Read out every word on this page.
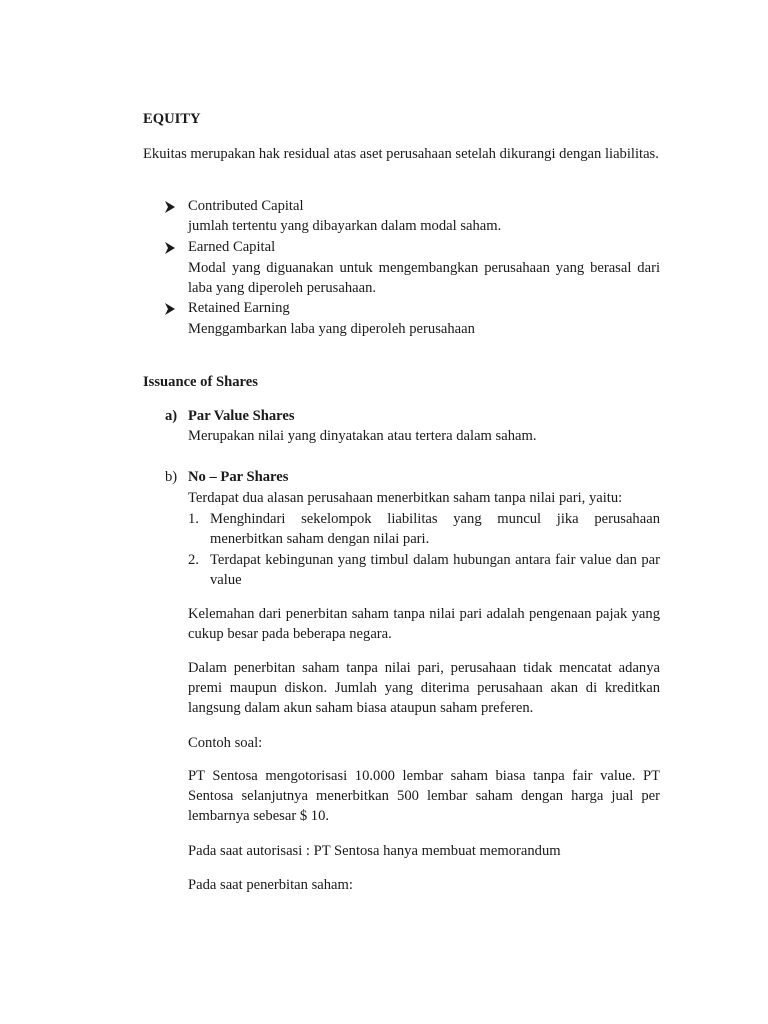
EQUITY

Ekuitas merupakan hak residual atas aset perusahaan setelah dikurangi dengan liabilitas.

Contributed Capital

jumlah tertentu yang dibayarkan dalam modal saham.

Earned Capital

Modal yang diguanakan untuk mengembangkan perusahaan yang berasal dari laba yang diperoleh perusahaan.

Retained Earning

Menggambarkan laba yang diperoleh perusahaan

Issuance of Shares

a) Par Value Shares

Merupakan nilai yang dinyatakan atau tertera dalam saham.

b) No – Par Shares

Terdapat dua alasan perusahaan menerbitkan saham tanpa nilai pari, yaitu:

1. Menghindari sekelompok liabilitas yang muncul jika perusahaan menerbitkan saham dengan nilai pari.

2. Terdapat kebingunan yang timbul dalam hubungan antara fair value dan par value

Kelemahan dari penerbitan saham tanpa nilai pari adalah pengenaan pajak yang cukup besar pada beberapa negara.

Dalam penerbitan saham tanpa nilai pari, perusahaan tidak mencatat adanya premi maupun diskon. Jumlah yang diterima perusahaan akan di kreditkan langsung dalam akun saham biasa ataupun saham preferen.

Contoh soal:

PT Sentosa mengotorisasi 10.000 lembar saham biasa tanpa fair value. PT Sentosa selanjutnya menerbitkan 500 lembar saham dengan harga jual per lembarnya sebesar $ 10.

Pada saat autorisasi : PT Sentosa hanya membuat memorandum

Pada saat penerbitan saham:
